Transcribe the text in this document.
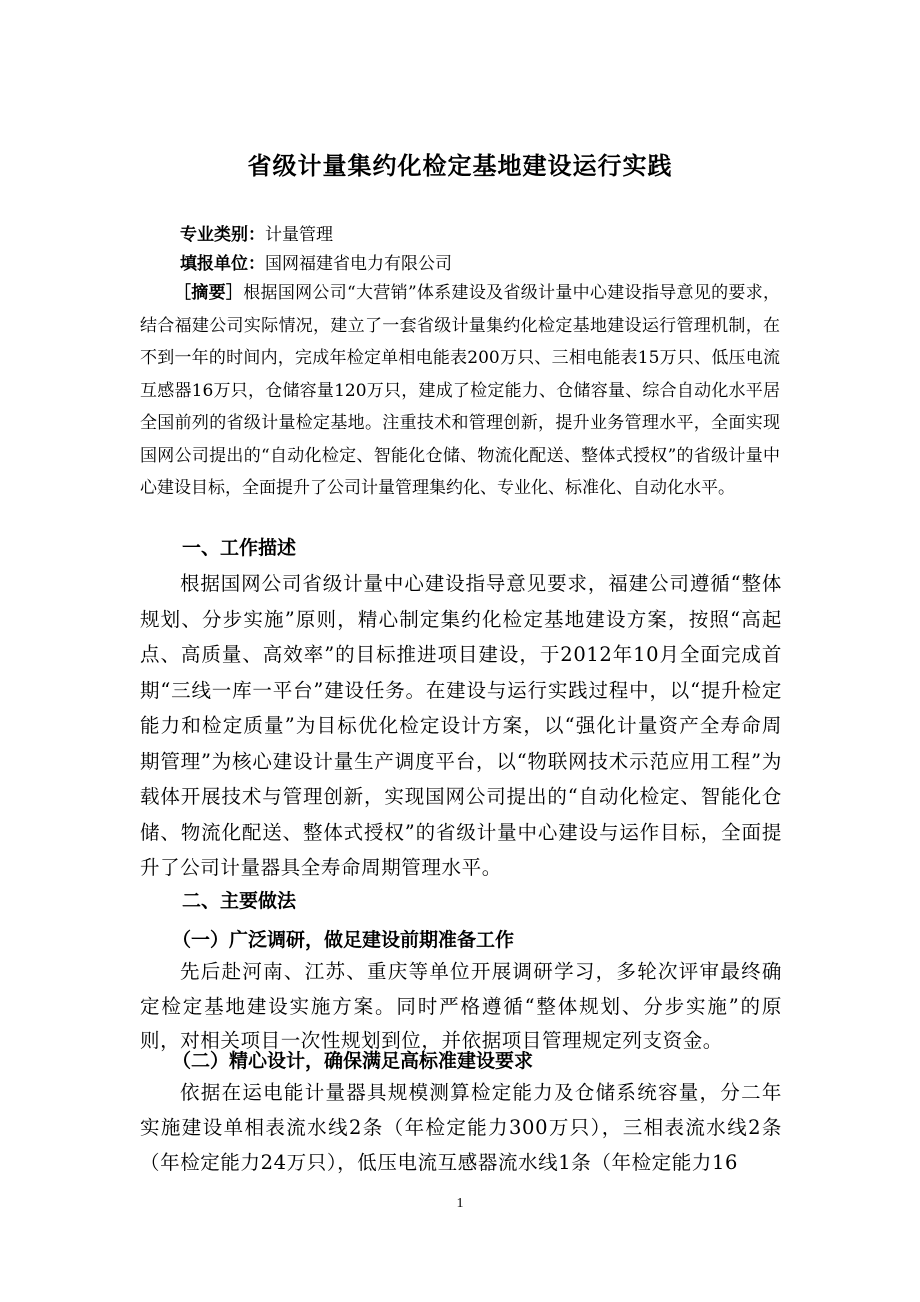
省级计量集约化检定基地建设运行实践
专业类别：计量管理
填报单位：国网福建省电力有限公司

［摘要］根据国网公司“大营销”体系建设及省级计量中心建设指导意见的要求，结合福建公司实际情况，建立了一套省级计量集约化检定基地建设运行管理机制，在不到一年的时间内，完成年检定单相电能表200万只、三相电能表15万只、低压电流互感器16万只，仓储容量120万只，建成了检定能力、仓储容量、综合自动化水平居全国前列的省级计量检定基地。注重技术和管理创新，提升业务管理水平，全面实现国网公司提出的“自动化检定、智能化仓储、物流化配送、整体式授权”的省级计量中心建设目标，全面提升了公司计量管理集约化、专业化、标准化、自动化水平。

一、工作描述

根据国网公司省级计量中心建设指导意见要求，福建公司遵循“整体规划、分步实施”原则，精心制定集约化检定基地建设方案，按照“高起点、高质量、高效率”的目标推进项目建设，于2012年10月全面完成首期“三线一库一平台”建设任务。在建设与运行实践过程中，以“提升检定能力和检定质量”为目标优化检定设计方案，以“强化计量资产全寿命周期管理”为核心建设计量生产调度平台，以“物联网技术示范应用工程”为载体开展技术与管理创新，实现国网公司提出的“自动化检定、智能化仓储、物流化配送、整体式授权”的省级计量中心建设与运作目标，全面提升了公司计量器具全寿命周期管理水平。

二、主要做法
（一）广泛调研，做足建设前期准备工作

先后赴河南、江苏、重庆等单位开展调研学习，多轮次评审最终确定检定基地建设实施方案。同时严格遵循“整体规划、分步实施”的原则，对相关项目一次性规划到位，并依据项目管理规定列支资金。

（二）精心设计，确保满足高标准建设要求

依据在运电能计量器具规模测算检定能力及仓储系统容量，分二年实施建设单相表流水线2条（年检定能力300万只），三相表流水线2条（年检定能力24万只），低压电流互感器流水线1条（年检定能力16

1
